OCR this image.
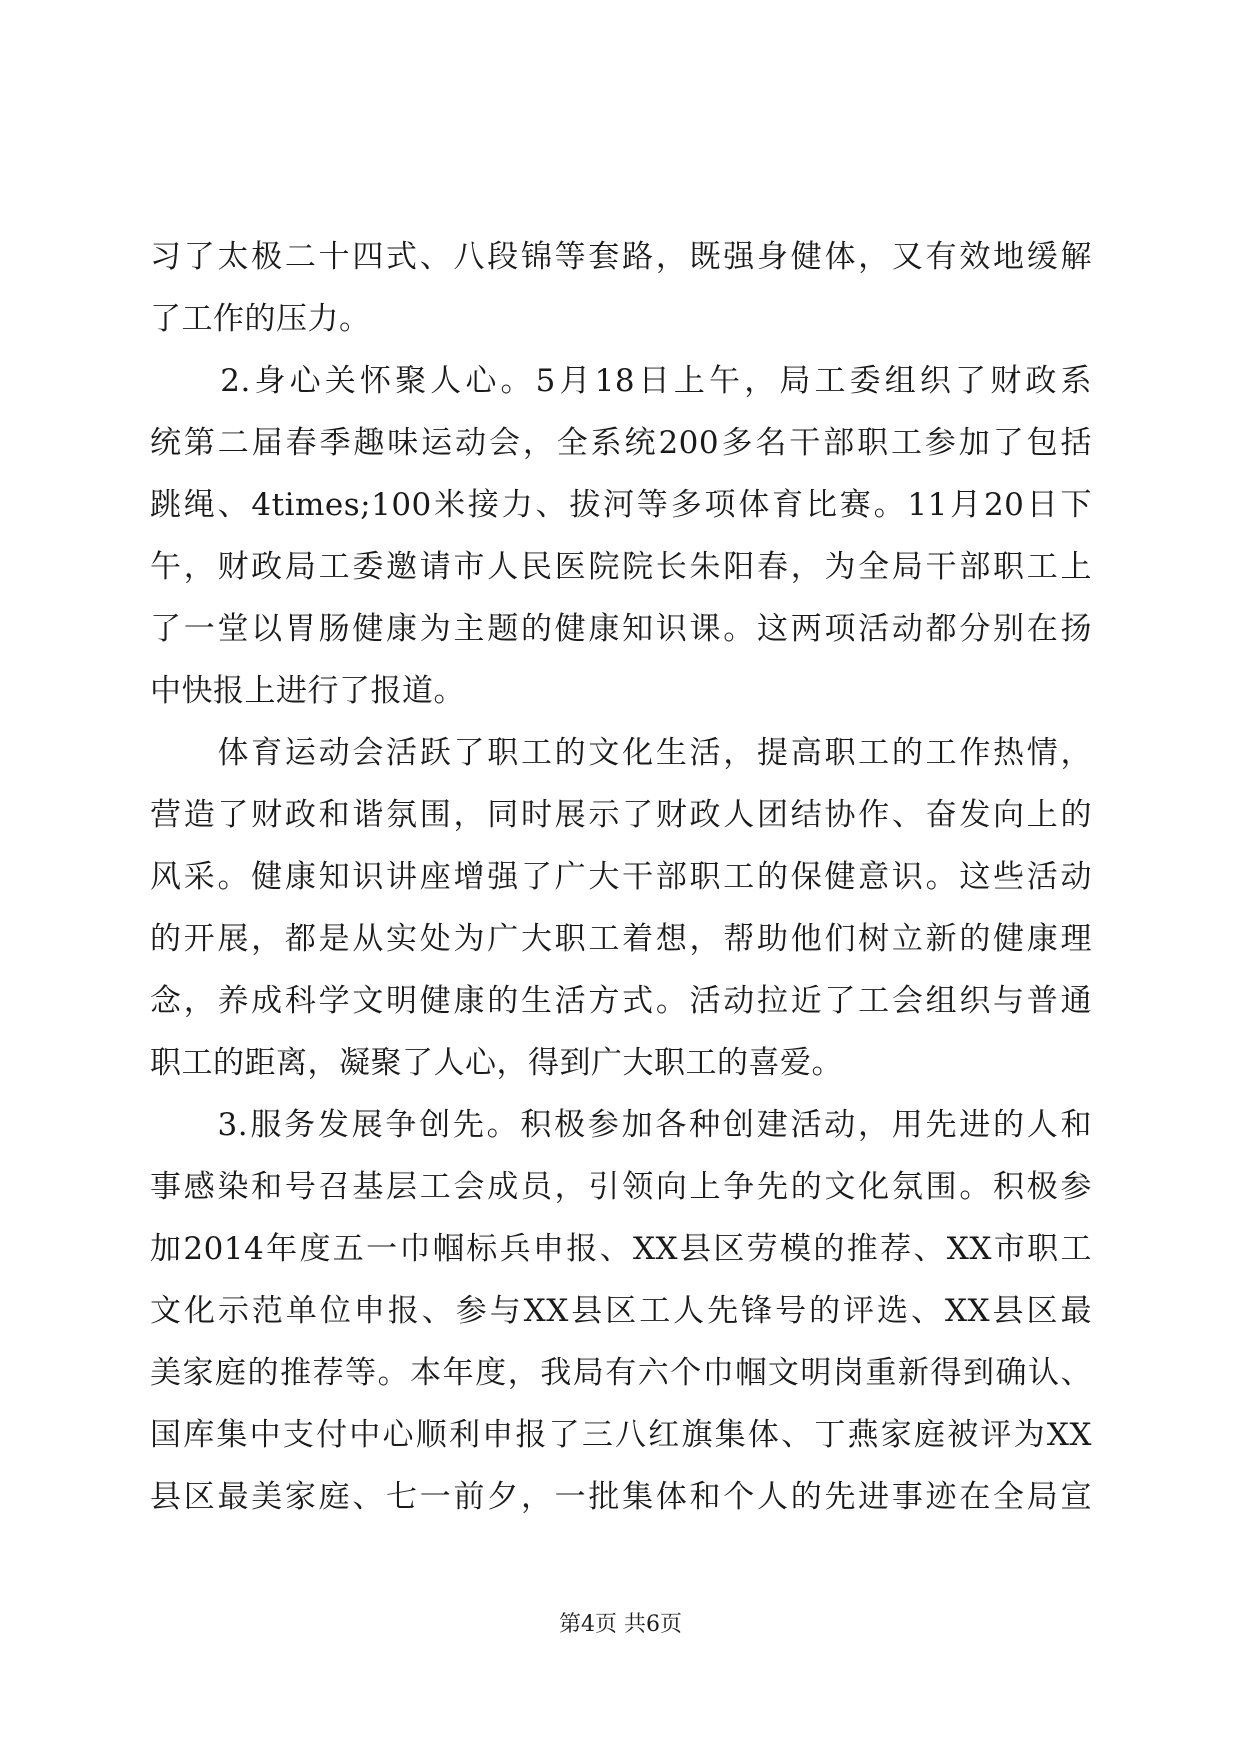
习了太极二十四式、八段锦等套路，既强身健体，又有效地缓解
了工作的压力。
　　2.身心关怀聚人心。5月18日上午，局工委组织了财政系
统第二届春季趣味运动会，全系统200多名干部职工参加了包括
跳绳、4times;100米接力、拔河等多项体育比赛。11月20日下
午，财政局工委邀请市人民医院院长朱阳春，为全局干部职工上
了一堂以胃肠健康为主题的健康知识课。这两项活动都分别在扬
中快报上进行了报道。
　　体育运动会活跃了职工的文化生活，提高职工的工作热情，
营造了财政和谐氛围，同时展示了财政人团结协作、奋发向上的
风采。健康知识讲座增强了广大干部职工的保健意识。这些活动
的开展，都是从实处为广大职工着想，帮助他们树立新的健康理
念，养成科学文明健康的生活方式。活动拉近了工会组织与普通
职工的距离，凝聚了人心，得到广大职工的喜爱。
　　3.服务发展争创先。积极参加各种创建活动，用先进的人和
事感染和号召基层工会成员，引领向上争先的文化氛围。积极参
加2014年度五一巾帼标兵申报、XX县区劳模的推荐、XX市职工
文化示范单位申报、参与XX县区工人先锋号的评选、XX县区最
美家庭的推荐等。本年度，我局有六个巾帼文明岗重新得到确认、
国库集中支付中心顺利申报了三八红旗集体、丁燕家庭被评为XX
县区最美家庭、七一前夕，一批集体和个人的先进事迹在全局宣
第4页 共6页
